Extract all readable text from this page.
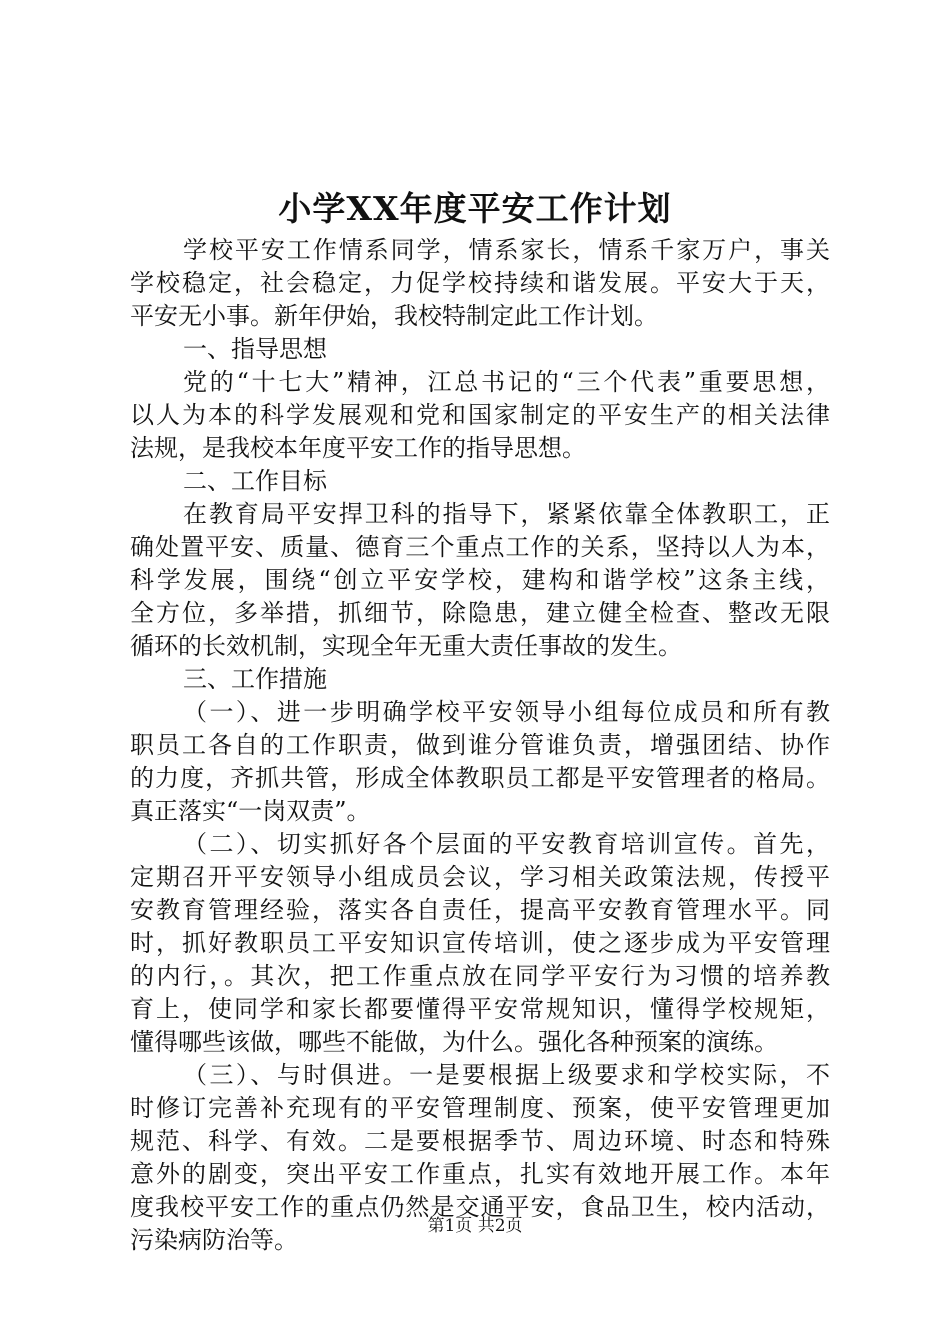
小学XX年度平安工作计划
学校平安工作情系同学，情系家长，情系千家万户，事关
学校稳定，社会稳定，力促学校持续和谐发展。平安大于天，
平安无小事。新年伊始，我校特制定此工作计划。
一、指导思想
党的“十七大”精神，江总书记的“三个代表”重要思想，
以人为本的科学发展观和党和国家制定的平安生产的相关法律
法规，是我校本年度平安工作的指导思想。
二、工作目标
在教育局平安捍卫科的指导下，紧紧依靠全体教职工，正
确处置平安、质量、德育三个重点工作的关系，坚持以人为本，
科学发展，围绕“创立平安学校，建构和谐学校”这条主线，
全方位，多举措，抓细节，除隐患，建立健全检查、整改无限
循环的长效机制，实现全年无重大责任事故的发生。
三、工作措施
（一）、进一步明确学校平安领导小组每位成员和所有教
职员工各自的工作职责，做到谁分管谁负责，增强团结、协作
的力度，齐抓共管，形成全体教职员工都是平安管理者的格局。
真正落实“一岗双责”。
（二）、切实抓好各个层面的平安教育培训宣传。首先，
定期召开平安领导小组成员会议，学习相关政策法规，传授平
安教育管理经验，落实各自责任，提高平安教育管理水平。同
时，抓好教职员工平安知识宣传培训，使之逐步成为平安管理
的内行，。其次，把工作重点放在同学平安行为习惯的培养教
育上，使同学和家长都要懂得平安常规知识，懂得学校规矩，
懂得哪些该做，哪些不能做，为什么。强化各种预案的演练。
（三）、与时俱进。一是要根据上级要求和学校实际，不
时修订完善补充现有的平安管理制度、预案，使平安管理更加
规范、科学、有效。二是要根据季节、周边环境、时态和特殊
意外的剧变，突出平安工作重点，扎实有效地开展工作。本年
度我校平安工作的重点仍然是交通平安，食品卫生，校内活动，
污染病防治等。	第1页 共2页
